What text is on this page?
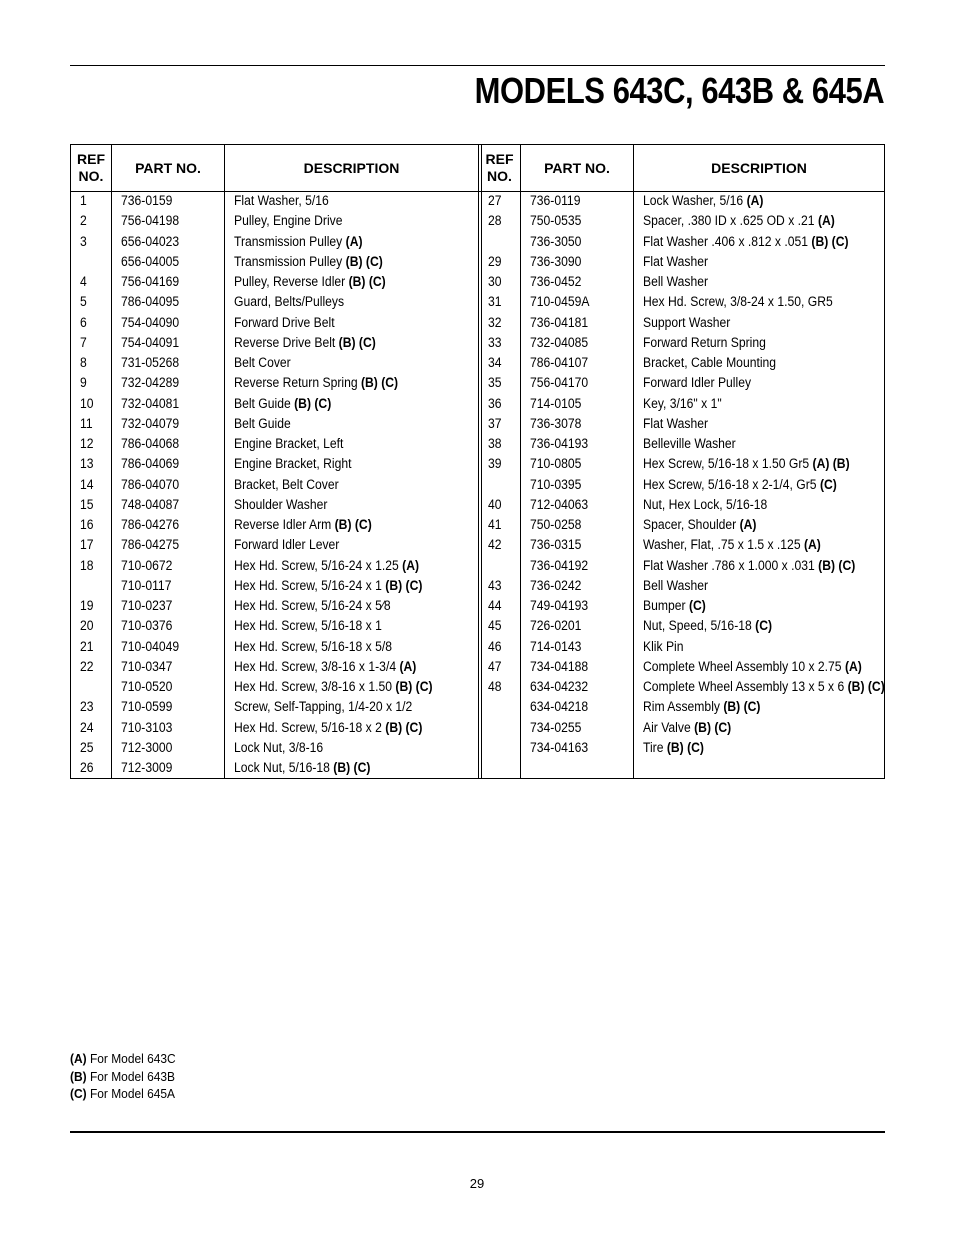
MODELS 643C, 643B & 645A
REF
NO.
PART NO.	DESCRIPTION
1	736-0159	Flat Washer, 5/16
2	756-04198	Pulley, Engine Drive
3	656-04023	Transmission Pulley (A)
656-04005	Transmission Pulley (B) (C)
4	756-04169	Pulley, Reverse Idler (B) (C)
5	786-04095	Guard, Belts/Pulleys
6	754-04090	Forward Drive Belt
7	754-04091	Reverse Drive Belt (B) (C)
8	731-05268	Belt Cover
9	732-04289	Reverse Return Spring (B) (C)
10 732-04081	Belt Guide (B) (C)
11 732-04079	Belt Guide
12 786-04068	Engine Bracket, Left
13 786-04069	Engine Bracket, Right
14 786-04070	Bracket, Belt Cover
15 748-04087	Shoulder Washer
16 786-04276	Reverse Idler Arm (B) (C)
17 786-04275	Forward Idler Lever
18 710-0672	Hex Hd. Screw, 5/16-24 x 1.25 (A)
710-0117	Hex Hd. Screw, 5/16-24 x 1 (B) (C)
19 710-0237	Hex Hd. Screw, 5/16-24 x 5⁄8
20 710-0376	Hex Hd. Screw, 5/16-18 x 1
21 710-04049	Hex Hd. Screw, 5/16-18 x 5/8
22 710-0347	Hex Hd. Screw, 3/8-16 x 1-3/4 (A)
710-0520	Hex Hd. Screw, 3/8-16 x 1.50 (B) (C)
23 710-0599	Screw, Self-Tapping, 1/4-20 x 1/2
24 710-3103	Hex Hd. Screw, 5/16-18 x 2 (B) (C)
25 712-3000	Lock Nut, 3/8-16
26 712-3009	Lock Nut, 5/16-18 (B) (C)
REF
NO.
PART NO.	DESCRIPTION
27 736-0119	Lock Washer, 5/16 (A)
28 750-0535	Spacer, .380 ID x .625 OD x .21 (A)
736-3050	Flat Washer .406 x .812 x .051 (B) (C)
29 736-3090	Flat Washer
30 736-0452	Bell Washer
31 710-0459A	Hex Hd. Screw, 3/8-24 x 1.50, GR5
32 736-04181	Support Washer
33 732-04085	Forward Return Spring
34 786-04107	Bracket, Cable Mounting
35 756-04170	Forward Idler Pulley
36 714-0105	Key, 3/16" x 1"
37 736-3078	Flat Washer
38 736-04193	Belleville Washer
39 710-0805	Hex Screw, 5/16-18 x 1.50 Gr5 (A) (B)
710-0395	Hex Screw, 5/16-18 x 2-1/4, Gr5 (C)
40 712-04063	Nut, Hex Lock, 5/16-18
41 750-0258	Spacer, Shoulder (A)
42 736-0315	Washer, Flat, .75 x 1.5 x .125 (A)
736-04192	Flat Washer .786 x 1.000 x .031 (B) (C)
43 736-0242	Bell Washer
44 749-04193	Bumper (C)
45 726-0201	Nut, Speed, 5/16-18 (C)
46 714-0143	Klik Pin
47 734-04188	Complete Wheel Assembly 10 x 2.75 (A)
48 634-04232	Complete Wheel Assembly 13 x 5 x 6 (B) (C)
634-04218	Rim Assembly (B) (C)
734-0255	Air Valve (B) (C)
734-04163	Tire (B) (C)
(A) For Model 643C
(B) For Model 643B
(C) For Model 645A
29
